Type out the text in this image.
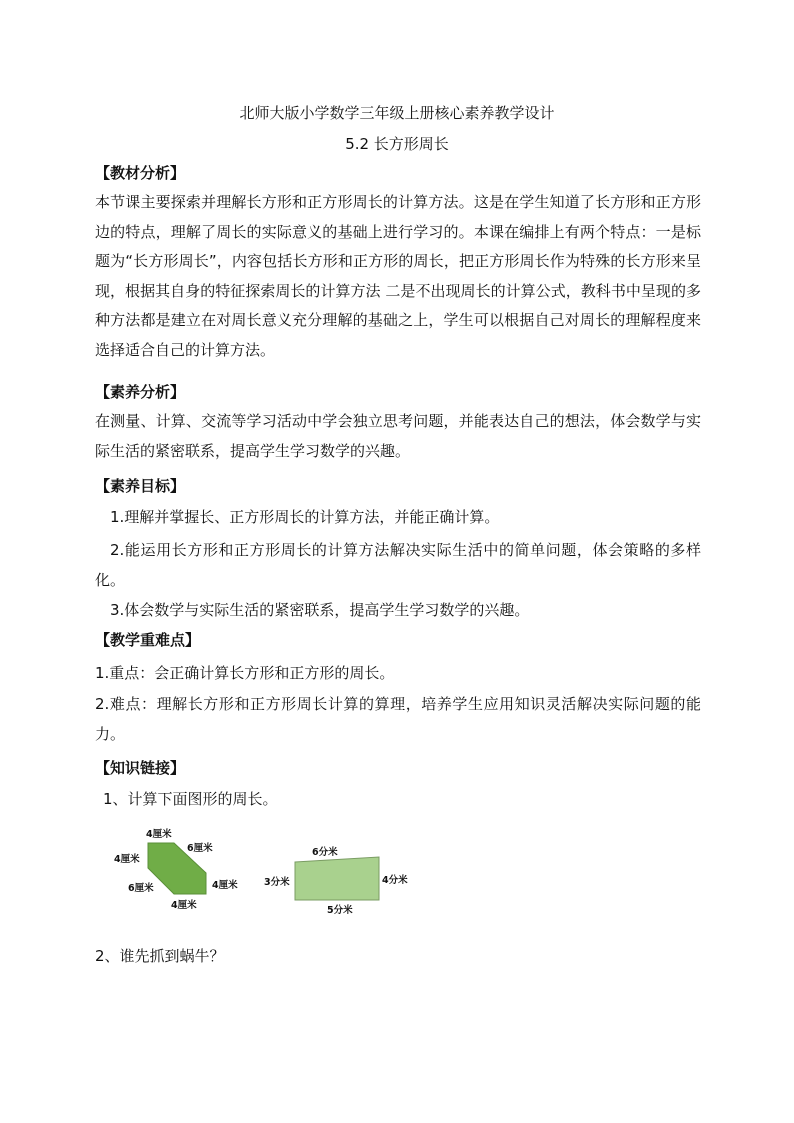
北师大版小学数学三年级上册核心素养教学设计
5.2 长方形周长
【教材分析】
本节课主要探索并理解长方形和正方形周长的计算方法。这是在学生知道了长方形和正方形边的特点，理解了周长的实际意义的基础上进行学习的。本课在编排上有两个特点：一是标题为“长方形周长”，内容包括长方形和正方形的周长，把正方形周长作为特殊的长方形来呈现，根据其自身的特征探索周长的计算方法 二是不出现周长的计算公式，教科书中呈现的多种方法都是建立在对周长意义充分理解的基础之上，学生可以根据自己对周长的理解程度来选择适合自己的计算方法。
【素养分析】
在测量、计算、交流等学习活动中学会独立思考问题，并能表达自己的想法，体会数学与实际生活的紧密联系，提高学生学习数学的兴趣。
【素养目标】
1.理解并掌握长、正方形周长的计算方法，并能正确计算。
2.能运用长方形和正方形周长的计算方法解决实际生活中的简单问题，体会策略的多样化。
3.体会数学与实际生活的紧密联系，提高学生学习数学的兴趣。
【教学重难点】
1.重点：会正确计算长方形和正方形的周长。
2.难点：理解长方形和正方形周长计算的算理，培养学生应用知识灵活解决实际问题的能力。
【知识链接】
1、计算下面图形的周长。
4厘米
6厘米
4厘米
4厘米
6厘米
4厘米
6分米
3分米	4分米
5分米
2、谁先抓到蜗牛？
